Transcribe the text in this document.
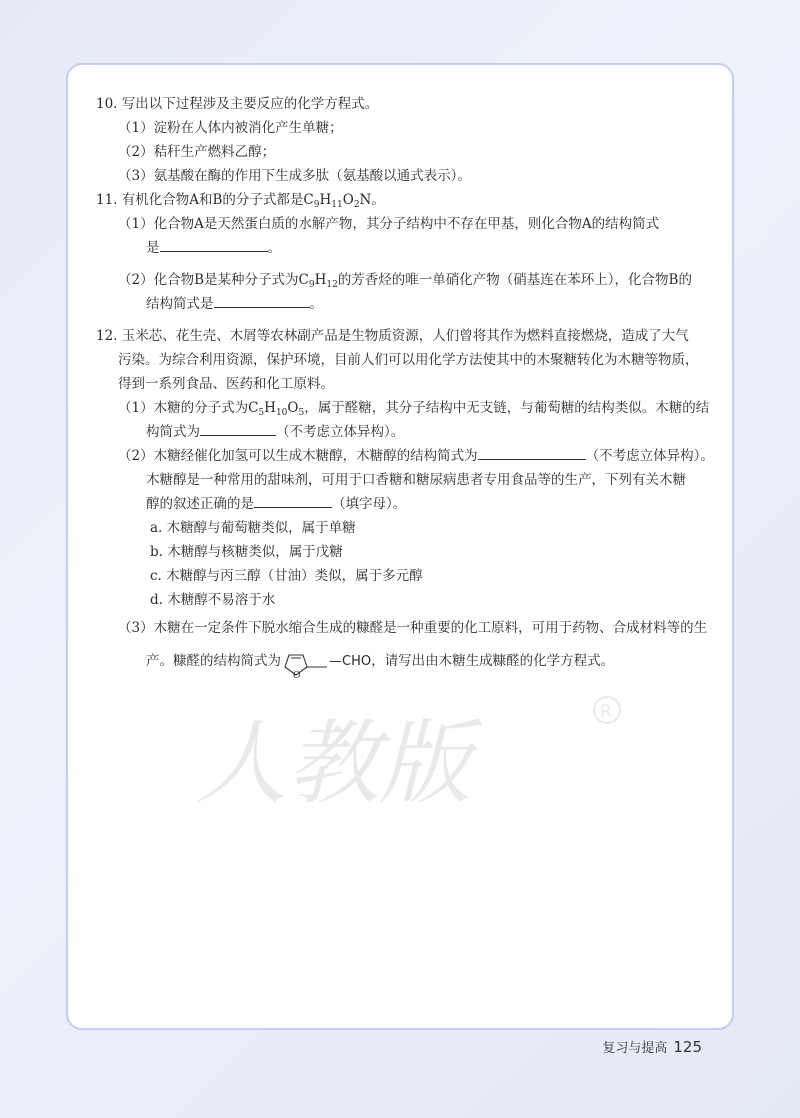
10. 写出以下过程涉及主要反应的化学方程式。
（1）淀粉在人体内被消化产生单糖；
（2）秸秆生产燃料乙醇；
（3）氨基酸在酶的作用下生成多肽（氨基酸以通式表示）。
11. 有机化合物A和B的分子式都是$C_9H_{11}O_2N$。
（1）化合物A是天然蛋白质的水解产物，其分子结构中不存在甲基，则化合物A的结构简式
是	。
（2）化合物B是某种分子式为$C_9H_{12}$的芳香烃的唯一单硝化产物（硝基连在苯环上），化合物B的
结构简式是	。
12. 玉米芯、花生壳、木屑等农林副产品是生物质资源，人们曾将其作为燃料直接燃烧，造成了大气
污染。为综合利用资源，保护环境，目前人们可以用化学方法使其中的木聚糖转化为木糖等物质，
得到一系列食品、医药和化工原料。
（1）木糖的分子式为$C_5H_{10}O_5$，属于醛糖，其分子结构中无支链，与葡萄糖的结构类似。木糖的结
构简式为	（不考虑立体异构）。
（2）木糖经催化加氢可以生成木糖醇，木糖醇的结构简式为	（不考虑立体异构）。
木糖醇是一种常用的甜味剂，可用于口香糖和糖尿病患者专用食品等的生产，下列有关木糖
醇的叙述正确的是	（填字母）。
a. 木糖醇与葡萄糖类似，属于单糖
b. 木糖醇与核糖类似，属于戊糖
c. 木糖醇与丙三醇（甘油）类似，属于多元醇
d. 木糖醇不易溶于水
（3）木糖在一定条件下脱水缩合生成的糠醛是一种重要的化工原料，可用于药物、合成材料等的生
产。糠醛的结构简式为
O
—CHO ，请写出由木糖生成糠醛的化学方程式。
人教版	R
复习与提高 125
